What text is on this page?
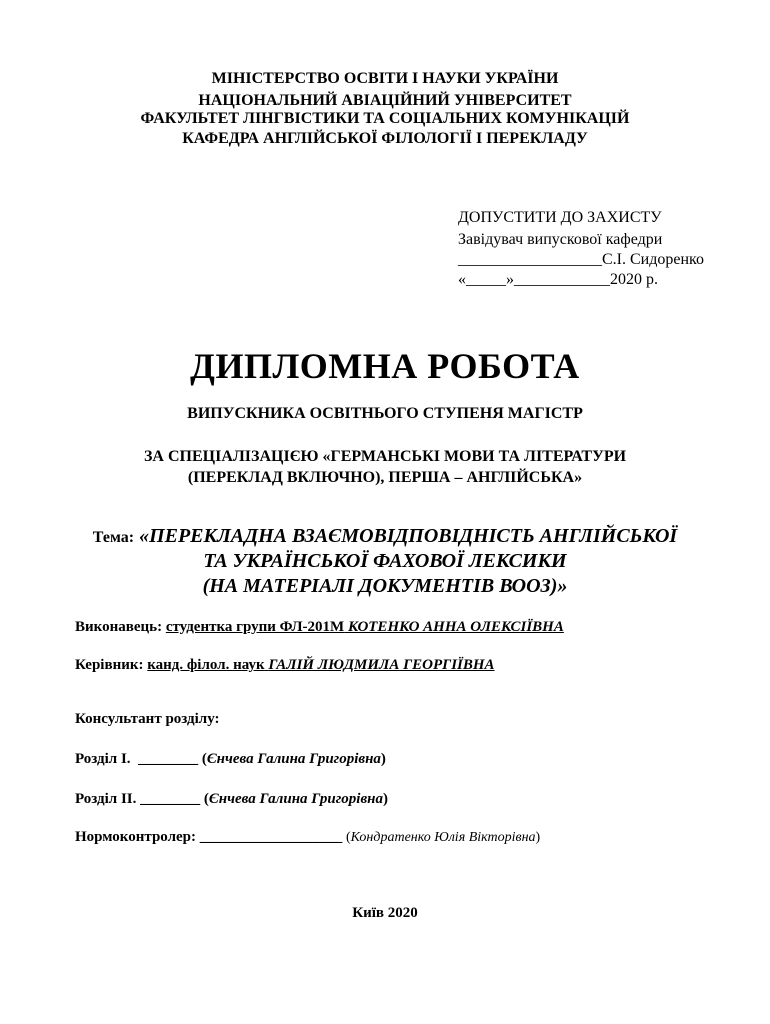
МІНІСТЕРСТВО ОСВІТИ І НАУКИ УКРАЇНИ
НАЦІОНАЛЬНИЙ АВІАЦІЙНИЙ УНІВЕРСИТЕТ
ФАКУЛЬТЕТ ЛІНГВІСТИКИ ТА СОЦІАЛЬНИХ КОМУНІКАЦІЙ
КАФЕДРА АНГЛІЙСЬКОЇ ФІЛОЛОГІЇ І ПЕРЕКЛАДУ
ДОПУСТИТИ ДО ЗАХИСТУ
Завідувач випускової кафедри
__________________С.І. Сидоренко
«_____»____________2020 р.
ДИПЛОМНА РОБОТА
ВИПУСКНИКА ОСВІТНЬОГО СТУПЕНЯ МАГІСТР
ЗА СПЕЦІАЛІЗАЦІЄЮ «ГЕРМАНСЬКІ МОВИ ТА ЛІТЕРАТУРИ
(ПЕРЕКЛАД ВКЛЮЧНО), ПЕРША – АНГЛІЙСЬКА»
Тема: «ПЕРЕКЛАДНА ВЗАЄМОВІДПОВІДНІСТЬ АНГЛІЙСЬКОЇ
ТА УКРАЇНСЬКОЇ ФАХОВОЇ ЛЕКСИКИ
(НА МАТЕРІАЛІ ДОКУМЕНТІВ ВООЗ)»
Виконавець: студентка групи ФЛ-201М КОТЕНКО АННА ОЛЕКСІЇВНА
Керівник: канд. філол. наук ГАЛІЙ ЛЮДМИЛА ГЕОРГІЇВНА
Консультант розділу:
Розділ І. ________ (Єнчева Галина Григорівна)
Розділ ІІ. ________ (Єнчева Галина Григорівна)
Нормоконтролер: ___________________ (Кондратенко Юлія Вікторівна)
Київ 2020
